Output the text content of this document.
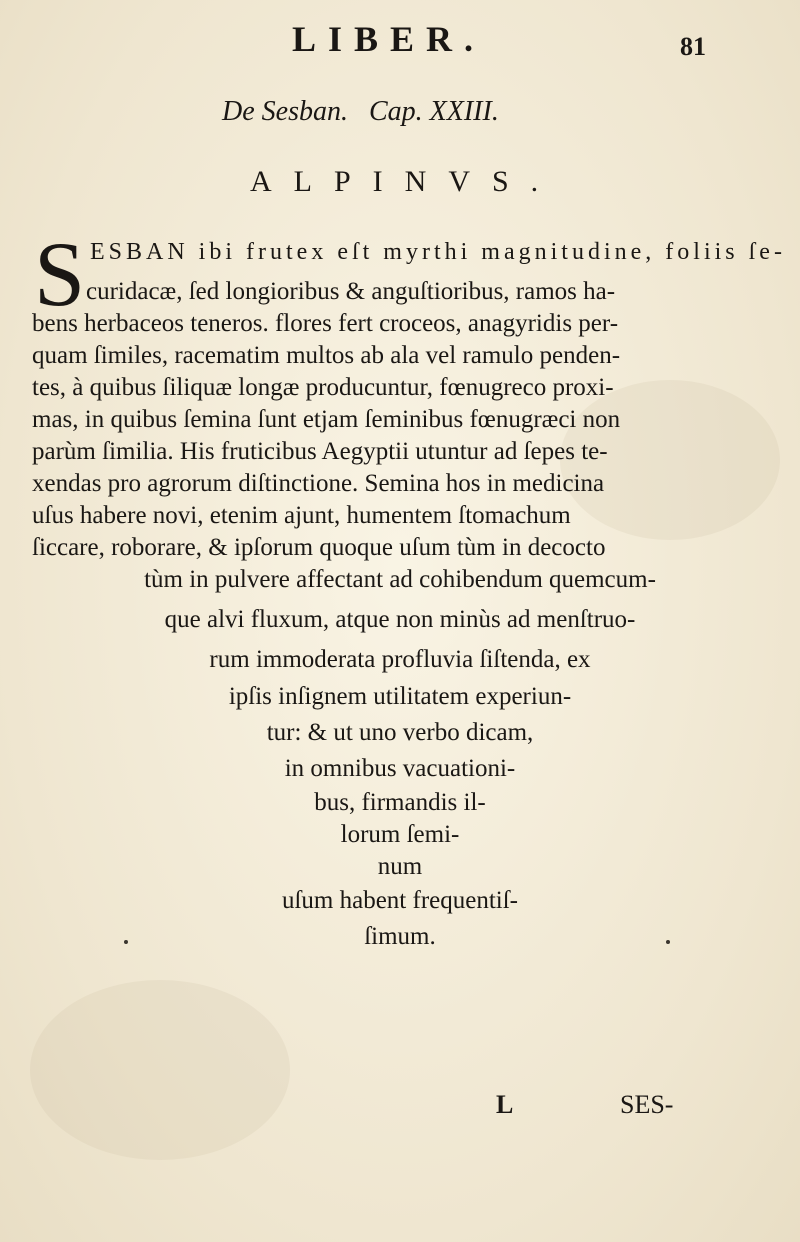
LIBER.	81
De Sesban.   Cap. XXIII.
ALPINVS.
S ESBAN ibi frutex eſt myrthi magnitudine, foliis ſe-
curidacæ, ſed longioribus & anguſtioribus, ramos ha-
bens herbaceos teneros. flores fert croceos, anagyridis per-
quam ſimiles, racematim multos ab ala vel ramulo penden-
tes, à quibus ſiliquæ longæ producuntur, fœnugreco proxi-
mas, in quibus ſemina ſunt etjam ſeminibus fœnugræci non
parùm ſimilia. His fruticibus Aegyptii utuntur ad ſepes te-
xendas pro agrorum diſtinctione. Semina hos in medicina
uſus habere novi, etenim ajunt, humentem ſtomachum
ſiccare, roborare, & ipſorum quoque uſum tùm in decocto
tùm in pulvere affectant ad cohibendum quemcum-
que alvi fluxum, atque non minùs ad menſtruo-
rum immoderata profluvia ſiſtenda, ex
ipſis inſignem utilitatem experiun-
tur: & ut uno verbo dicam,
in omnibus vacuationi-
bus, firmandis il-
lorum ſemi-
num
uſum habent frequentiſ-
ſimum.
L	SES-
